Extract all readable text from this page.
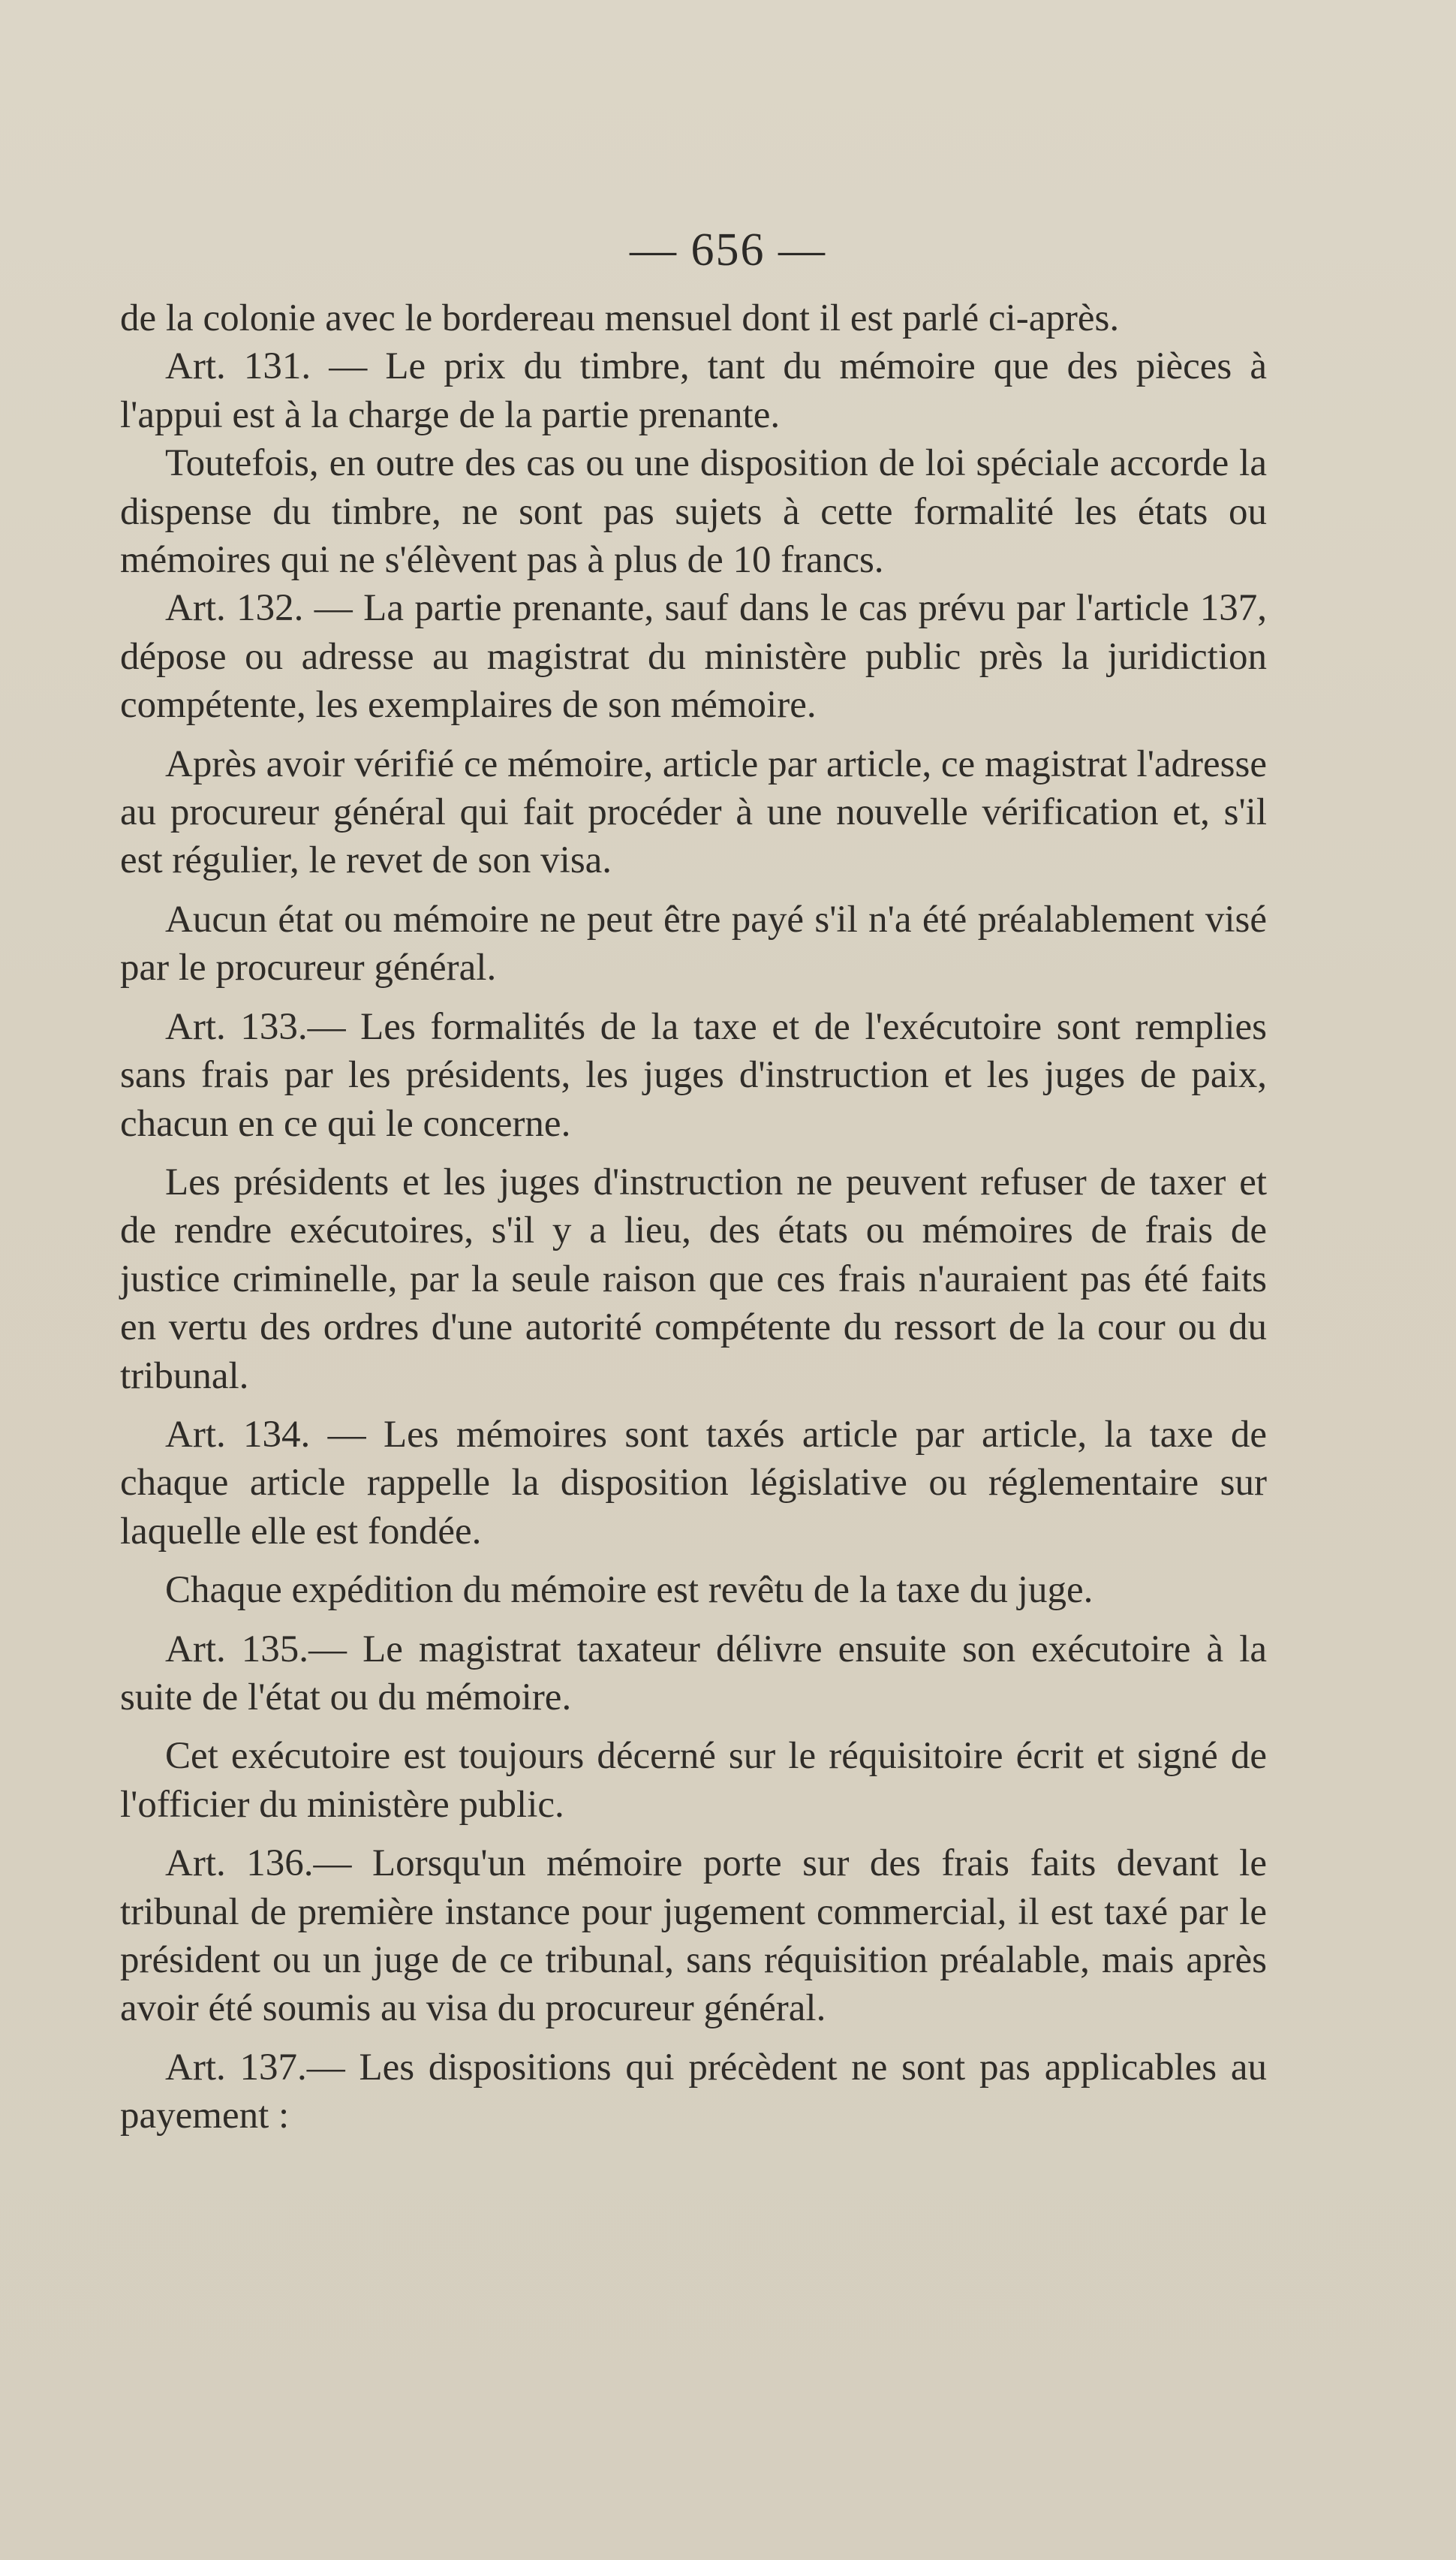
— 656 —

de la colonie avec le bordereau mensuel dont il est parlé ci-après.

Art. 131. — Le prix du timbre, tant du mémoire que des pièces à l'appui est à la charge de la partie prenante.

Toutefois, en outre des cas ou une disposition de loi spéciale accorde la dispense du timbre, ne sont pas sujets à cette formalité les états ou mémoires qui ne s'élèvent pas à plus de 10 francs.

Art. 132. — La partie prenante, sauf dans le cas prévu par l'article 137, dépose ou adresse au magistrat du ministère public près la juridiction compétente, les exemplaires de son mémoire.

Après avoir vérifié ce mémoire, article par article, ce magistrat l'adresse au procureur général qui fait procéder à une nouvelle vérification et, s'il est régulier, le revet de son visa.

Aucun état ou mémoire ne peut être payé s'il n'a été préalablement visé par le procureur général.

Art. 133.— Les formalités de la taxe et de l'exécutoire sont remplies sans frais par les présidents, les juges d'instruction et les juges de paix, chacun en ce qui le concerne.

Les présidents et les juges d'instruction ne peuvent refuser de taxer et de rendre exécutoires, s'il y a lieu, des états ou mémoires de frais de justice criminelle, par la seule raison que ces frais n'auraient pas été faits en vertu des ordres d'une autorité compétente du ressort de la cour ou du tribunal.

Art. 134. — Les mémoires sont taxés article par article, la taxe de chaque article rappelle la disposition législative ou réglementaire sur laquelle elle est fondée.

Chaque expédition du mémoire est revêtu de la taxe du juge.

Art. 135.— Le magistrat taxateur délivre ensuite son exécutoire à la suite de l'état ou du mémoire.

Cet exécutoire est toujours décerné sur le réquisitoire écrit et signé de l'officier du ministère public.

Art. 136.— Lorsqu'un mémoire porte sur des frais faits devant le tribunal de première instance pour jugement commercial, il est taxé par le président ou un juge de ce tribunal, sans réquisition préalable, mais après avoir été soumis au visa du procureur général.

Art. 137.— Les dispositions qui précèdent ne sont pas applicables au payement :
